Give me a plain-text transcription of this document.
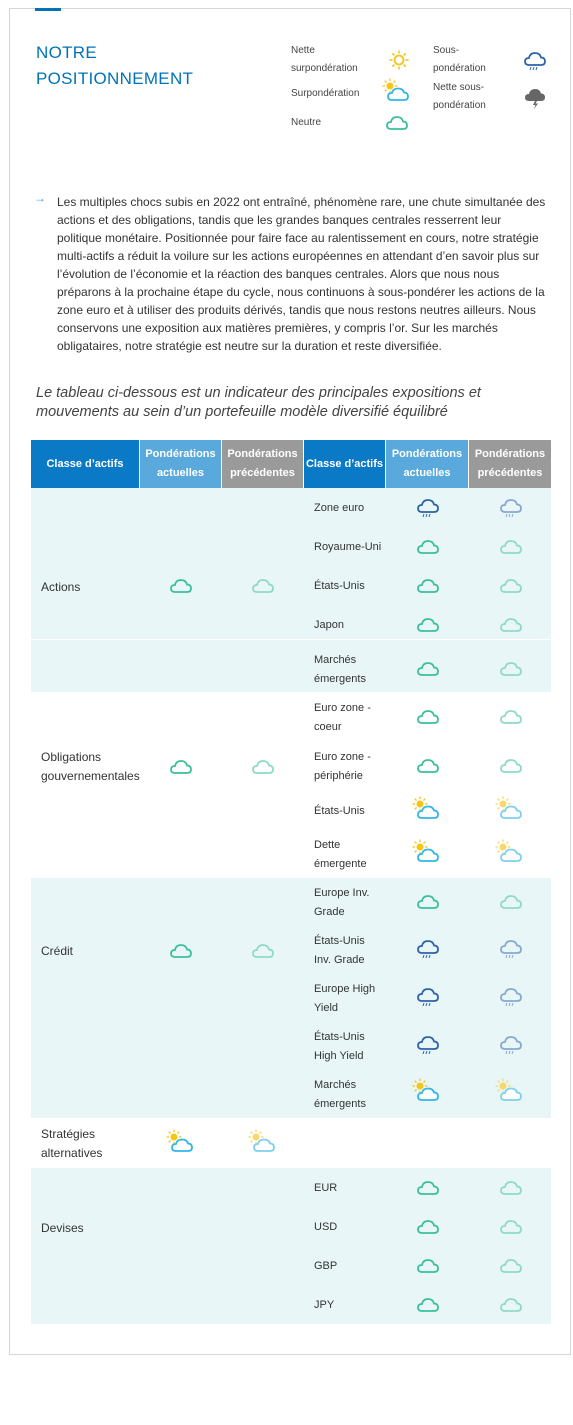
NOTRE
POSITIONNEMENT
Nette
surpondération
Surpondération
Neutre
Sous-
pondération
Nette sous-
pondération
→ Les multiples chocs subis en 2022 ont entraîné, phénomène rare, une chute simultanée des actions et des obligations, tandis que les grandes banques centrales resserrent leur politique monétaire. Positionnée pour faire face au ralentissement en cours, notre stratégie multi-actifs a réduit la voilure sur les actions européennes en attendant d’en savoir plus sur l’évolution de l’économie et la réaction des banques centrales. Alors que nous nous préparons à la prochaine étape du cycle, nous continuons à sous-pondérer les actions de la zone euro et à utiliser des produits dérivés, tandis que nous restons neutres ailleurs. Nous conservons une exposition aux matières premières, y compris l’or. Sur les marchés obligataires, notre stratégie est neutre sur la duration et reste diversifiée.

Le tableau ci-dessous est un indicateur des principales expositions et mouvements au sein d’un portefeuille modèle diversifié équilibré
Classe d’actifs
Pondérations
actuelles
Pondérations
précédentes
Classe d’actifs
Pondérations
actuelles
Pondérations
précédentes
Actions
Zone euro
Royaume-Uni
États-Unis
Japon
Marchés
émergents
Obligations
gouvernementales
Euro zone -
coeur
Euro zone -
périphérie
États-Unis
Dette
émergente
Crédit
Europe Inv.
Grade
États-Unis
Inv. Grade
Europe High
Yield
États-Unis
High Yield
Marchés
émergents
Stratégies
alternatives
Devises
EUR
USD
GBP
JPY
